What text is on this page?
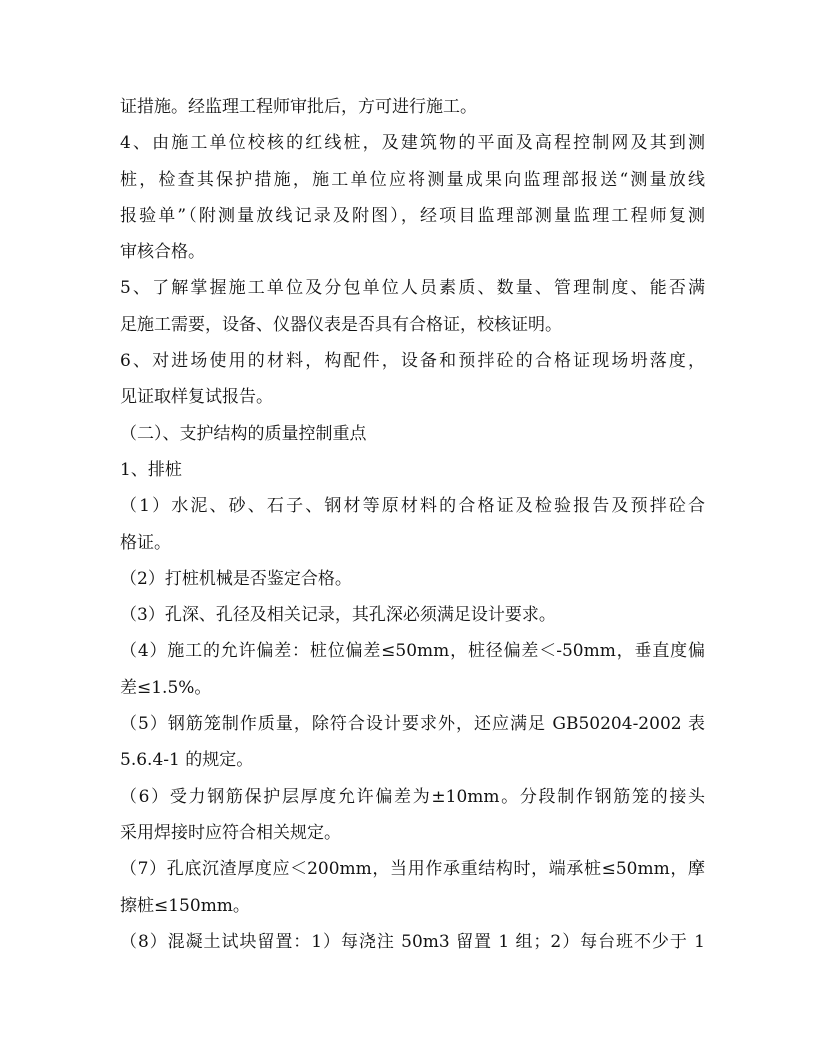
证措施。经监理工程师审批后，方可进行施工。
4、由施工单位校核的红线桩，及建筑物的平面及高程控制网及其到测
桩，检查其保护措施，施工单位应将测量成果向监理部报送“测量放线
报验单”（附测量放线记录及附图），经项目监理部测量监理工程师复测
审核合格。
5、了解掌握施工单位及分包单位人员素质、数量、管理制度、能否满
足施工需要，设备、仪器仪表是否具有合格证，校核证明。
6、对进场使用的材料，构配件，设备和预拌砼的合格证现场坍落度，
见证取样复试报告。
（二）、支护结构的质量控制重点
1、排桩
（1）水泥、砂、石子、钢材等原材料的合格证及检验报告及预拌砼合
格证。
（2）打桩机械是否鉴定合格。
（3）孔深、孔径及相关记录，其孔深必须满足设计要求。
（4）施工的允许偏差：桩位偏差≤50mm，桩径偏差＜-50mm，垂直度偏
差≤1.5%。
（5）钢筋笼制作质量，除符合设计要求外，还应满足 GB50204-2002 表
5.6.4-1 的规定。
（6）受力钢筋保护层厚度允许偏差为±10mm。分段制作钢筋笼的接头
采用焊接时应符合相关规定。
（7）孔底沉渣厚度应＜200mm，当用作承重结构时，端承桩≤50mm，摩
擦桩≤150mm。
（8）混凝土试块留置：1）每浇注 50m3 留置 1 组；2）每台班不少于 1
